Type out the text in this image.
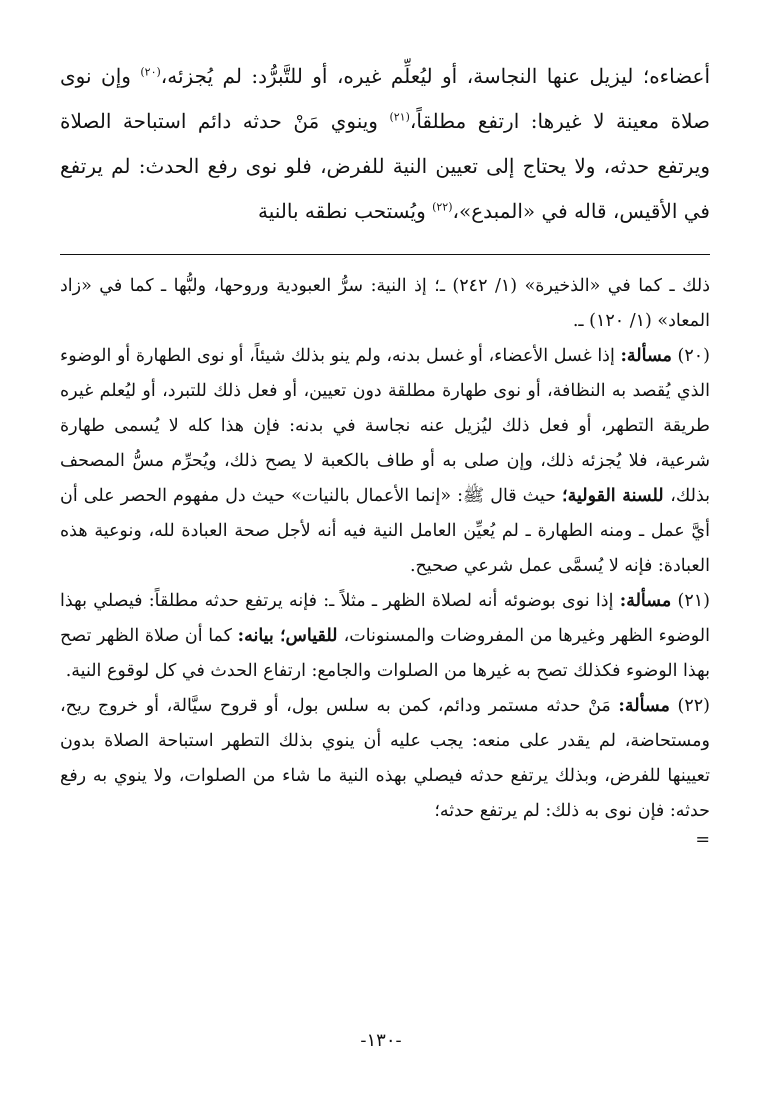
أعضاءه؛ ليزيل عنها النجاسة، أو ليُعلِّم غيره، أو للتَّبرُّد: لم يُجزئه،$^{(٢٠)}$ وإن نوى صلاة معينة لا غيرها: ارتفع مطلقاً،$^{(٢١)}$ وينوي مَنْ حدثه دائم استباحة الصلاة ويرتفع حدثه، ولا يحتاج إلى تعيين النية للفرض، فلو نوى رفع الحدث: لم يرتفع في الأقيس، قاله في «المبدع»،$^{(٢٢)}$ ويُستحب نطقه بالنية

ذلك ـ كما في «الذخيرة» (١/ ٢٤٢) ـ؛ إذ النية: سرُّ العبودية وروحها، ولبُّها ـ كما في «زاد المعاد» (١/ ١٢٠) ـ.

(٢٠) مسألة: إذا غسل الأعضاء، أو غسل بدنه، ولم ينو بذلك شيئاً، أو نوى الطهارة أو الوضوء الذي يُقصد به النظافة، أو نوى طهارة مطلقة دون تعيين، أو فعل ذلك للتبرد، أو ليُعلم غيره طريقة التطهر، أو فعل ذلك ليُزيل عنه نجاسة في بدنه: فإن هذا كله لا يُسمى طهارة شرعية، فلا يُجزئه ذلك، وإن صلى به أو طاف بالكعبة لا يصح ذلك، ويُحرِّم مسُّ المصحف بذلك، للسنة القولية؛ حيث قال ﷺ: «إنما الأعمال بالنيات» حيث دل مفهوم الحصر على أن أيَّ عمل ـ ومنه الطهارة ـ لم يُعيِّن العامل النية فيه أنه لأجل صحة العبادة لله، ونوعية هذه العبادة: فإنه لا يُسمَّى عمل شرعي صحيح.

(٢١) مسألة: إذا نوى بوضوئه أنه لصلاة الظهر ـ مثلاً ـ: فإنه يرتفع حدثه مطلقاً: فيصلي بهذا الوضوء الظهر وغيرها من المفروضات والمسنونات، للقياس؛ بيانه: كما أن صلاة الظهر تصح بهذا الوضوء فكذلك تصح به غيرها من الصلوات والجامع: ارتفاع الحدث في كل لوقوع النية.

(٢٢) مسألة: مَنْ حدثه مستمر ودائم، كمن به سلس بول، أو قروح سيَّالة، أو خروج ريح، ومستحاضة، لم يقدر على منعه: يجب عليه أن ينوي بذلك التطهر استباحة الصلاة بدون تعيينها للفرض، وبذلك يرتفع حدثه فيصلي بهذه النية ما شاء من الصلوات، ولا ينوي به رفع حدثه: فإن نوى به ذلك: لم يرتفع حدثه؛

=

-١٣٠-
